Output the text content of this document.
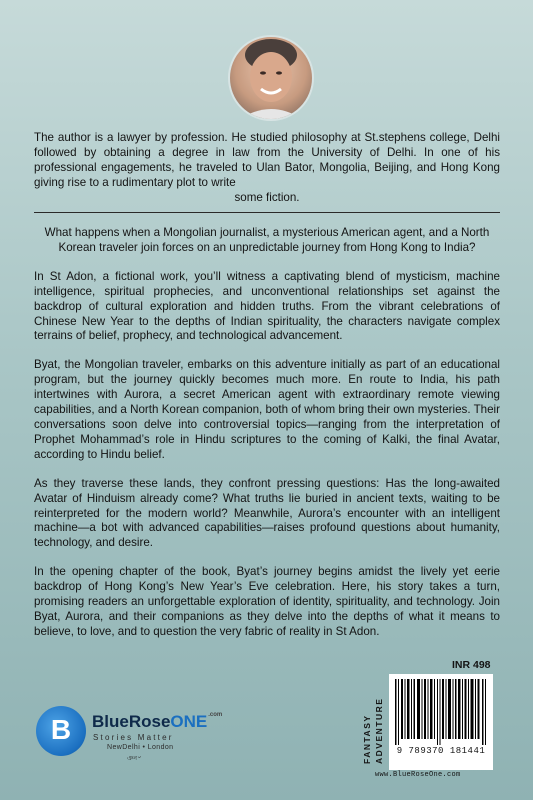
The author is a lawyer by profession. He studied philosophy at St.stephens college, Delhi followed by obtaining a degree in law from the University of Delhi. In one of his professional engagements, he traveled to Ulan Bator, Mongolia, Beijing, and Hong Kong giving rise to a rudimentary plot to write
some fiction.

What happens when a Mongolian journalist, a mysterious American agent, and a North Korean traveler join forces on an unpredictable journey from Hong Kong to India?

In St Adon, a fictional work, you’ll witness a captivating blend of mysticism, machine intelligence, spiritual prophecies, and unconventional relationships set against the backdrop of cultural exploration and hidden truths. From the vibrant celebrations of Chinese New Year to the depths of Indian spirituality, the characters navigate complex terrains of belief, prophecy, and technological advancement.

Byat, the Mongolian traveler, embarks on this adventure initially as part of an educational program, but the journey quickly becomes much more. En route to India, his path intertwines with Aurora, a secret American agent with extraordinary remote viewing capabilities, and a North Korean companion, both of whom bring their own mysteries. Their conversations soon delve into controversial topics—ranging from the interpretation of Prophet Mohammad’s role in Hindu scriptures to the coming of Kalki, the final Avatar, according to Hindu belief.

As they traverse these lands, they confront pressing questions: Has the long-awaited Avatar of Hinduism already come? What truths lie buried in ancient texts, waiting to be reinterpreted for the modern world? Meanwhile, Aurora’s encounter with an intelligent machine—a bot with advanced capabilities—raises profound questions about humanity, technology, and desire.

In the opening chapter of the book, Byat’s journey begins amidst the lively yet eerie backdrop of Hong Kong’s New Year’s Eve celebration. Here, his story takes a turn, promising readers an unforgettable exploration of identity, spirituality, and technology. Join Byat, Aurora, and their companions as they delve into the depths of what it means to believe, to love, and to question the very fabric of reality in St Adon.

INR 498
FANTASY ADVENTURE	9 789370 181441
www.BlueRoseOne.com
B	BlueRoseONE$^{.com}$
Stories Matter
NewDelhi • London
ঞন৺
